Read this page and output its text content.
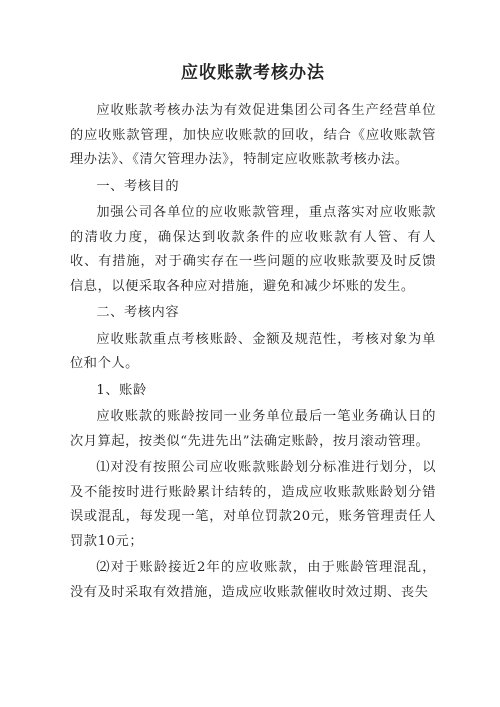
应收账款考核办法

应收账款考核办法为有效促进集团公司各生产经营单位的应收账款管理，加快应收账款的回收，结合《应收账款管理办法》、《清欠管理办法》，特制定应收账款考核办法。

一、考核目的

加强公司各单位的应收账款管理，重点落实对应收账款的清收力度，确保达到收款条件的应收账款有人管、有人收、有措施，对于确实存在一些问题的应收账款要及时反馈信息，以便采取各种应对措施，避免和减少坏账的发生。

二、考核内容

应收账款重点考核账龄、金额及规范性，考核对象为单位和个人。

1、账龄

应收账款的账龄按同一业务单位最后一笔业务确认日的次月算起，按类似“先进先出”法确定账龄，按月滚动管理。

⑴对没有按照公司应收账款账龄划分标准进行划分，以及不能按时进行账龄累计结转的，造成应收账款账龄划分错误或混乱，每发现一笔，对单位罚款20元，账务管理责任人罚款10元；

⑵对于账龄接近2年的应收账款，由于账龄管理混乱，没有及时采取有效措施，造成应收账款催收时效过期、丧失
